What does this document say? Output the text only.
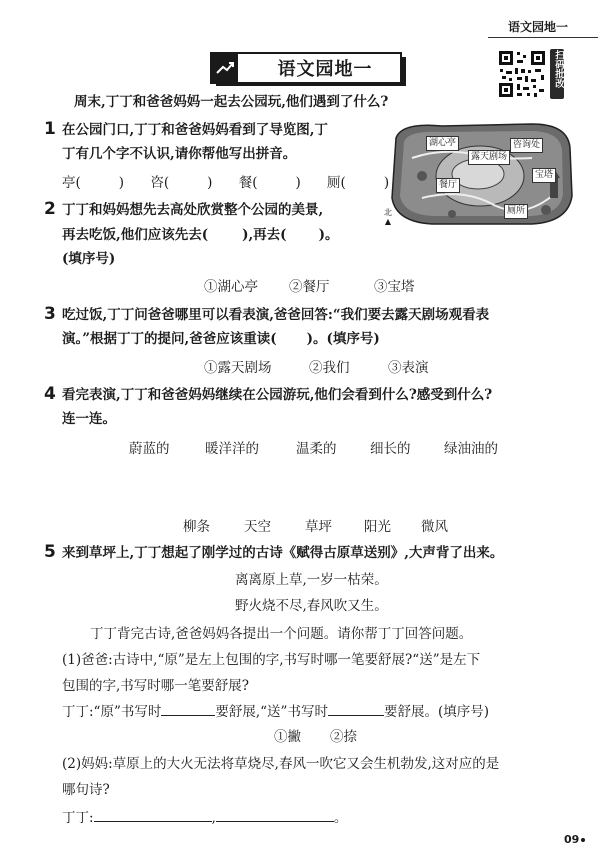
语文园地一
语文园地一	扫码批改
周末,丁丁和爸爸妈妈一起去公园玩,他们遇到了什么?
1 在公园门口,丁丁和爸爸妈妈看到了导览图,丁
丁有几个字不认识,请你帮他写出拼音。
亭(	) 咨(	) 餐(	) 厕(	)
湖心亭	咨询处
露天剧场
餐厅
宝塔
厕所
北
▲
2 丁丁和妈妈想先去高处欣赏整个公园的美景,
再去吃饭,他们应该先去(	),再去( )。
(填序号)
①湖心亭 ②餐厅	③宝塔
3 吃过饭,丁丁问爸爸哪里可以看表演,爸爸回答:“我们要去露天剧场观看表
演。”根据丁丁的提问,爸爸应该重读( )。(填序号)
①露天剧场	②我们	③表演
4 看完表演,丁丁和爸爸妈妈继续在公园游玩,他们会看到什么?感受到什么?
连一连。
蔚蓝的	暖洋洋的	温柔的 细长的 绿油油的
柳条	天空	草坪 阳光 微风
5 来到草坪上,丁丁想起了刚学过的古诗《赋得古原草送别》,大声背了出来。
离离原上草,一岁一枯荣。
野火烧不尽,春风吹又生。
丁丁背完古诗,爸爸妈妈各提出一个问题。请你帮丁丁回答问题。
(1)爸爸:古诗中,“原”是左上包围的字,书写时哪一笔要舒展?“送”是左下
包围的字,书写时哪一笔要舒展?
丁丁:“原”书写时	要舒展,“送”书写时	要舒展。(填序号)
①撇 ②捺
(2)妈妈:草原上的大火无法将草烧尽,春风一吹它又会生机勃发,这对应的是
哪句诗?
丁丁:	,	。
09
